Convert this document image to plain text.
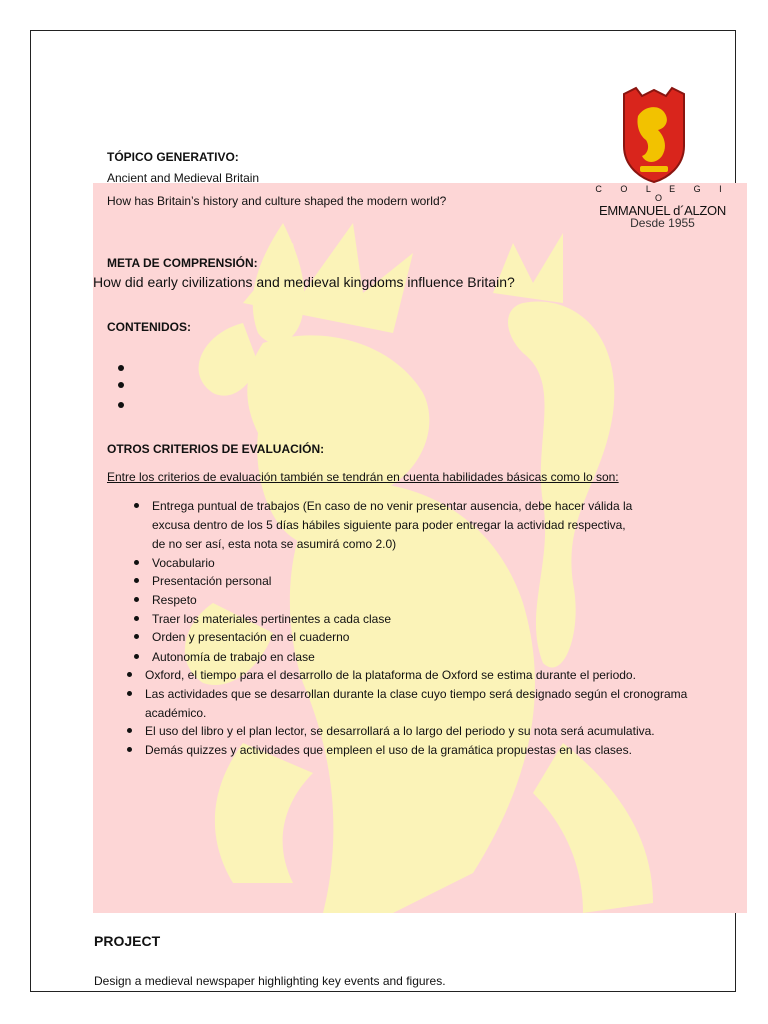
C O L E G I O
EMMANUEL d´ALZON
Desde 1955
TÓPICO GENERATIVO:
Ancient and Medieval Britain
How has Britain’s history and culture shaped the modern world?
META DE COMPRENSIÓN:
How did early civilizations and medieval kingdoms influence Britain?
CONTENIDOS:
OTROS CRITERIOS DE EVALUACIÓN:
Entre los criterios de evaluación también se tendrán en cuenta habilidades básicas como lo son:
Entrega puntual de trabajos (En caso de no venir presentar ausencia, debe hacer válida la
excusa dentro de los 5 días hábiles siguiente para poder entregar la actividad respectiva,
de no ser así, esta nota se asumirá como 2.0)
Vocabulario
Presentación personal
Respeto
Traer los materiales pertinentes a cada clase
Orden y presentación en el cuaderno
Autonomía de trabajo en clase
Oxford, el tiempo para el desarrollo de la plataforma de Oxford se estima durante el periodo.
Las actividades que se desarrollan durante la clase cuyo tiempo será designado según el cronograma
académico.
El uso del libro y el plan lector, se desarrollará a lo largo del periodo y su nota será acumulativa.
Demás quizzes y actividades que empleen el uso de la gramática propuestas en las clases.
PROJECT
Design a medieval newspaper highlighting key events and figures.
